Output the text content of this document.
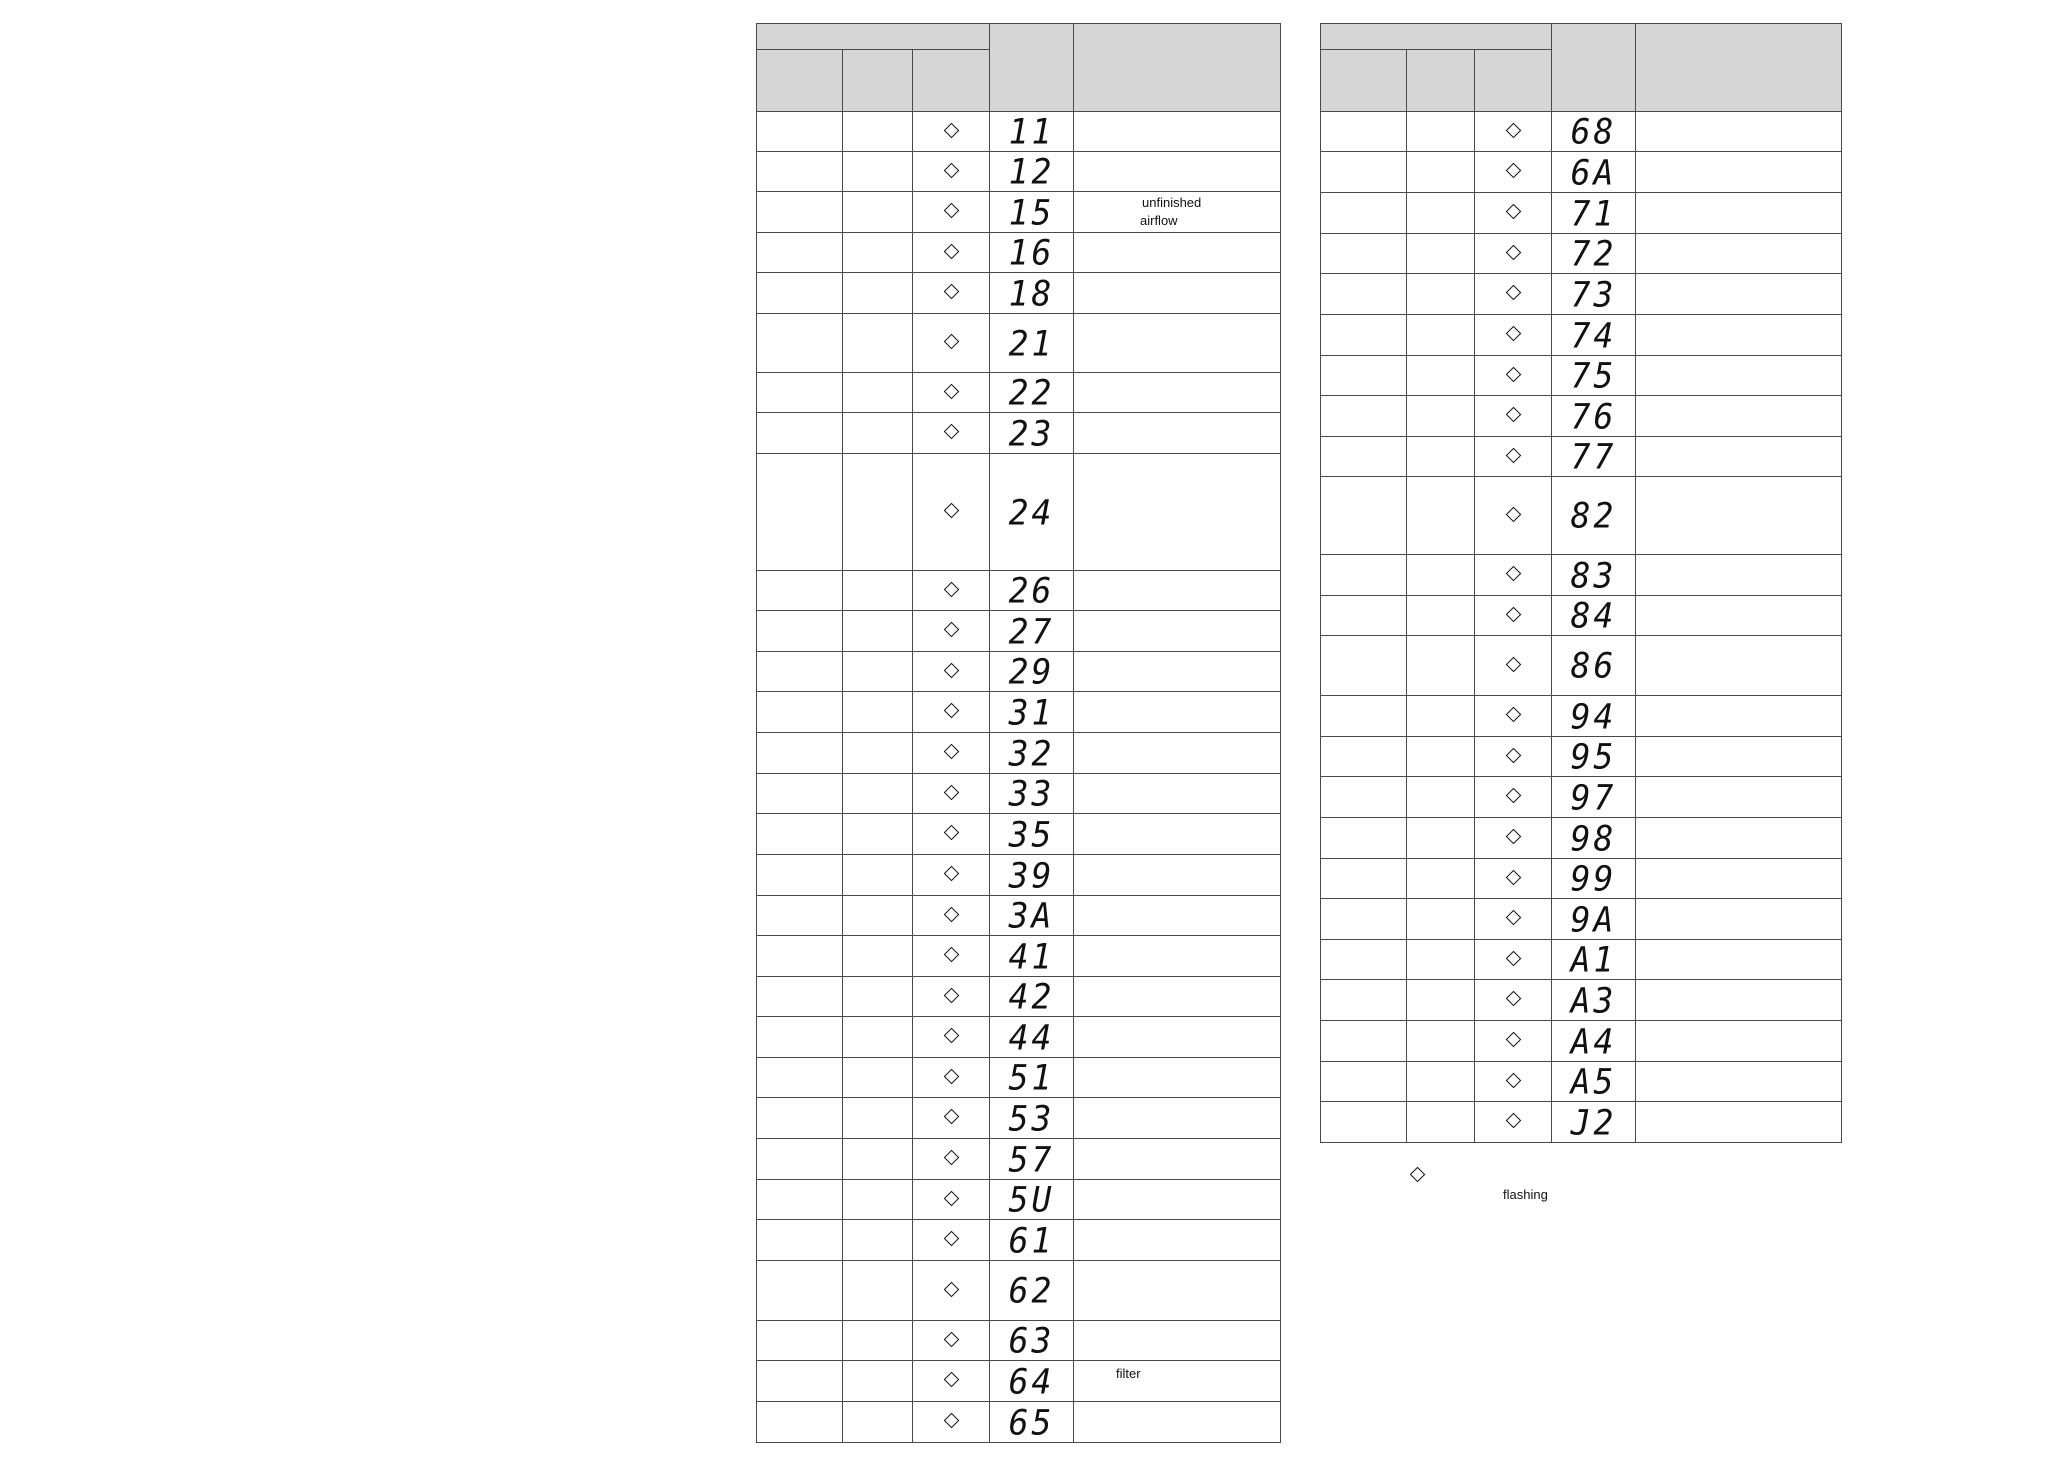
			11	
			12	
			15	unfinished
airflow

			16	
			18	
			21	
			22	
			23	
			24	
			26	
			27	
			29	
			31	
			32	
			33	
			35	
			39	
			3A	
			41	
			42	
			44	
			51	
			53	
			57	
			5U	
			61	
			62	
			63	
			64	filter

			65	

			68	
			6A	
			71	
			72	
			73	
			74	
			75	
			76	
			77	
			82	
			83	
			84	
			86	
			94	
			95	
			97	
			98	
			99	
			9A	
			A1	
			A3	
			A4	
			A5	
			J2	
flashing
